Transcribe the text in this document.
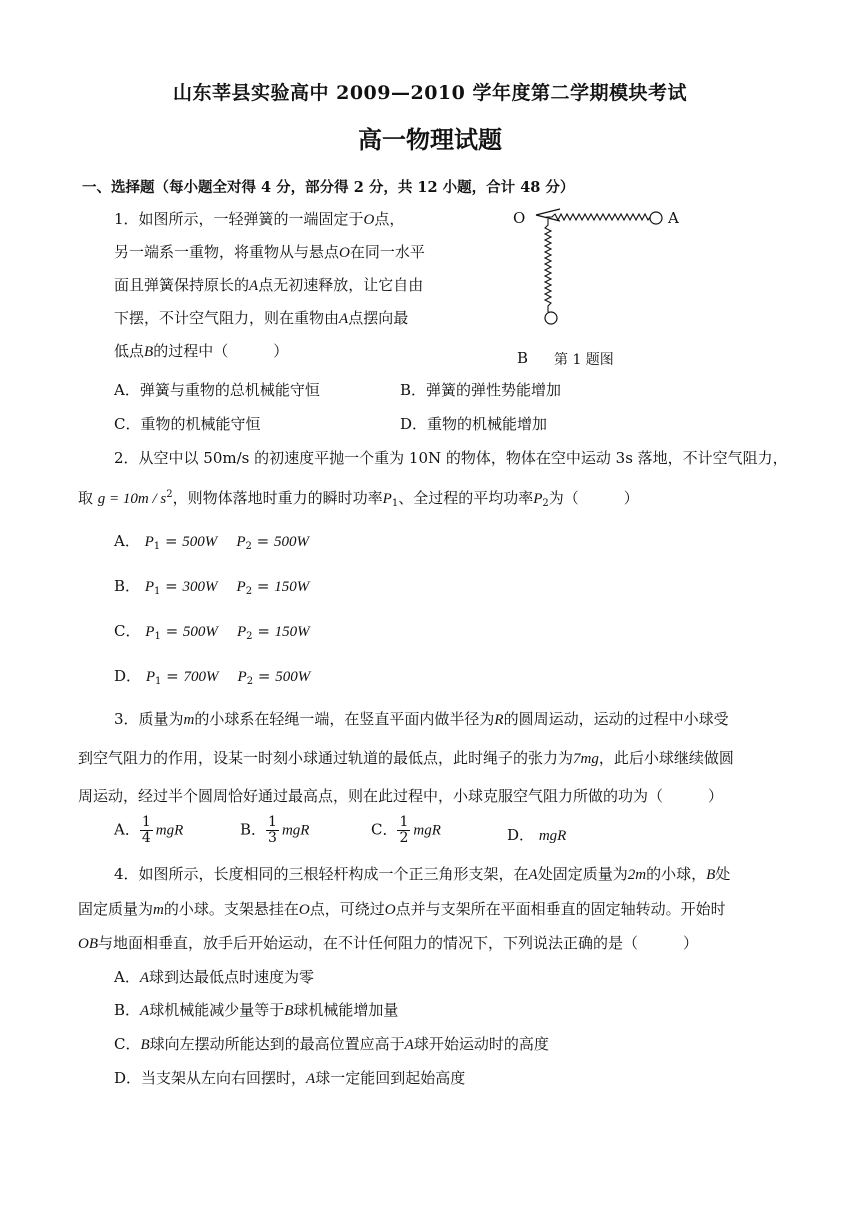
山东莘县实验高中 2009—2010 学年度第二学期模块考试
高一物理试题
一、选择题（每小题全对得 4 分，部分得 2 分，共 12 小题，合计 48 分）
1．如图所示，一轻弹簧的一端固定于O点，
另一端系一重物，将重物从与悬点O在同一水平
面且弹簧保持原长的A点无初速释放，让它自由
下摆，不计空气阻力，则在重物由A点摆向最
低点B的过程中（　　　）
O	A
B 第 1 题图
A．弹簧与重物的总机械能守恒	B．弹簧的弹性势能增加
C．重物的机械能守恒	D．重物的机械能增加
2．从空中以 50m/s 的初速度平抛一个重为 10N 的物体，物体在空中运动 3s 落地，不计空气阻力，
取 $g = 10m / s^2$，则物体落地时重力的瞬时功率$P_1$、全过程的平均功率$P_2$为（　　　）
A． $P_1 = 500W$ $P_2 = 500W$
B． $P_1 = 300W$ $P_2 = 150W$
C． $P_1 = 500W$ $P_2 = 150W$
D． $P_1 = 700W$ $P_2 = 500W$
3．质量为m的小球系在轻绳一端，在竖直平面内做半径为R的圆周运动，运动的过程中小球受
到空气阻力的作用，设某一时刻小球通过轨道的最低点，此时绳子的张力为7mg，此后小球继续做圆
周运动，经过半个圆周恰好通过最高点，则在此过程中，小球克服空气阻力所做的功为（　　　）
A． $\frac{1}{4}$ mgR	B． $\frac{1}{3}$ mgR	C． $\frac{1}{2}$ mgR	D． mgR
4．如图所示，长度相同的三根轻杆构成一个正三角形支架，在A处固定质量为2m的小球，B处
固定质量为m的小球。支架悬挂在O点，可绕过O点并与支架所在平面相垂直的固定轴转动。开始时
OB与地面相垂直，放手后开始运动，在不计任何阻力的情况下，下列说法正确的是（　　　）
A．A球到达最低点时速度为零
B．A球机械能减少量等于B球机械能增加量
C．B球向左摆动所能达到的最高位置应高于A球开始运动时的高度
D．当支架从左向右回摆时，A球一定能回到起始高度
